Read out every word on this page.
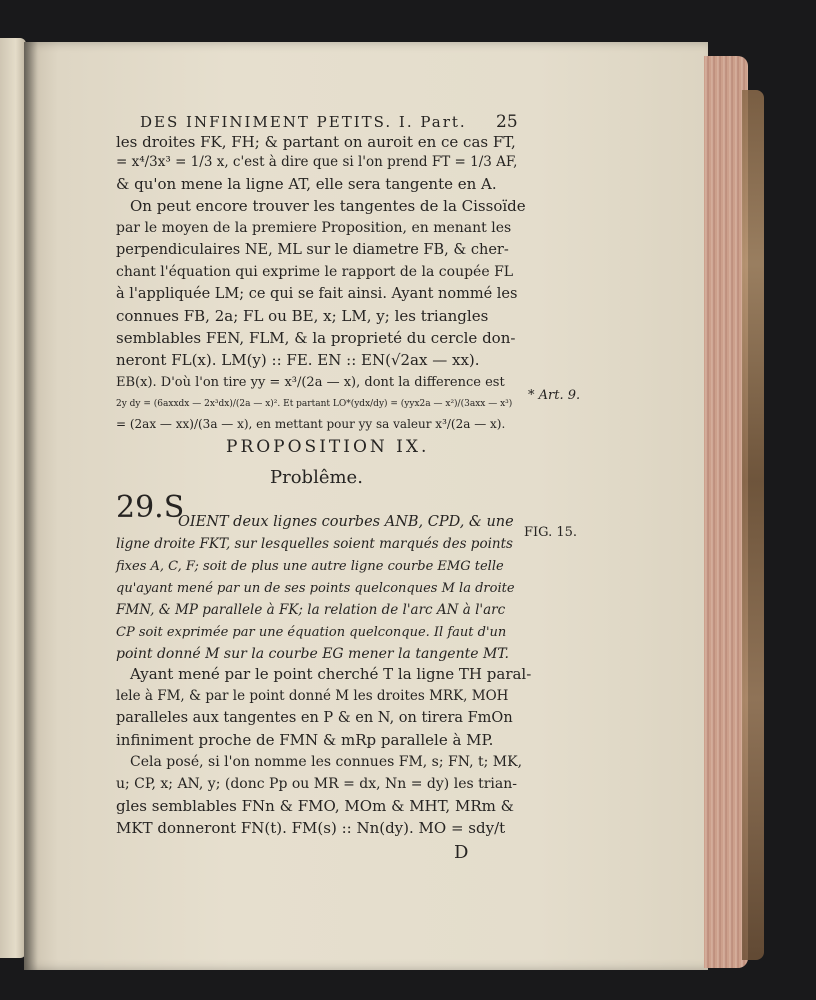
DES INFINIMENT PETITS. I. Part.	25
les droites FK, FH; & partant on auroit en ce cas FT,
= x⁴/3x³ = 1/3 x, c'est à dire que si l'on prend FT = 1/3 AF,
& qu'on mene la ligne AT, elle sera tangente en A.
On peut encore trouver les tangentes de la Cissoïde
par le moyen de la premiere Proposition, en menant les
perpendiculaires NE, ML sur le diametre FB, & cher-
chant l'équation qui exprime le rapport de la coupée FL
à l'appliquée LM; ce qui se fait ainsi. Ayant nommé les
connues FB, 2a; FL ou BE, x; LM, y; les triangles
semblables FEN, FLM, & la proprieté du cercle don-
neront FL(x). LM(y) :: FE. EN :: EN(√2ax — xx).
EB(x). D'où l'on tire yy = x³/(2a — x), dont la difference est
2y dy = (6axxdx — 2x³dx)/(2a — x)². Et partant LO*(ydx/dy) = (yyx2a — x²)/(3axx — x³)
= (2ax — xx)/(3a — x), en mettant pour yy sa valeur x³/(2a — x).
* Art. 9.
PROPOSITION IX.
Problême.
29.S
FIG. 15.
OIENT deux lignes courbes ANB, CPD, & une
ligne droite FKT, sur lesquelles soient marqués des points
fixes A, C, F; soit de plus une autre ligne courbe EMG telle
qu'ayant mené par un de ses points quelconques M la droite
FMN, & MP parallele à FK; la relation de l'arc AN à l'arc
CP soit exprimée par une équation quelconque. Il faut d'un
point donné M sur la courbe EG mener la tangente MT.
Ayant mené par le point cherché T la ligne TH paral-
lele à FM, & par le point donné M les droites MRK, MOH
paralleles aux tangentes en P & en N, on tirera FmOn
infiniment proche de FMN & mRp parallele à MP.
Cela posé, si l'on nomme les connues FM, s; FN, t; MK,
u; CP, x; AN, y; (donc Pp ou MR = dx, Nn = dy) les trian-
gles semblables FNn & FMO, MOm & MHT, MRm &
MKT donneront FN(t). FM(s) :: Nn(dy). MO = sdy/t
D
